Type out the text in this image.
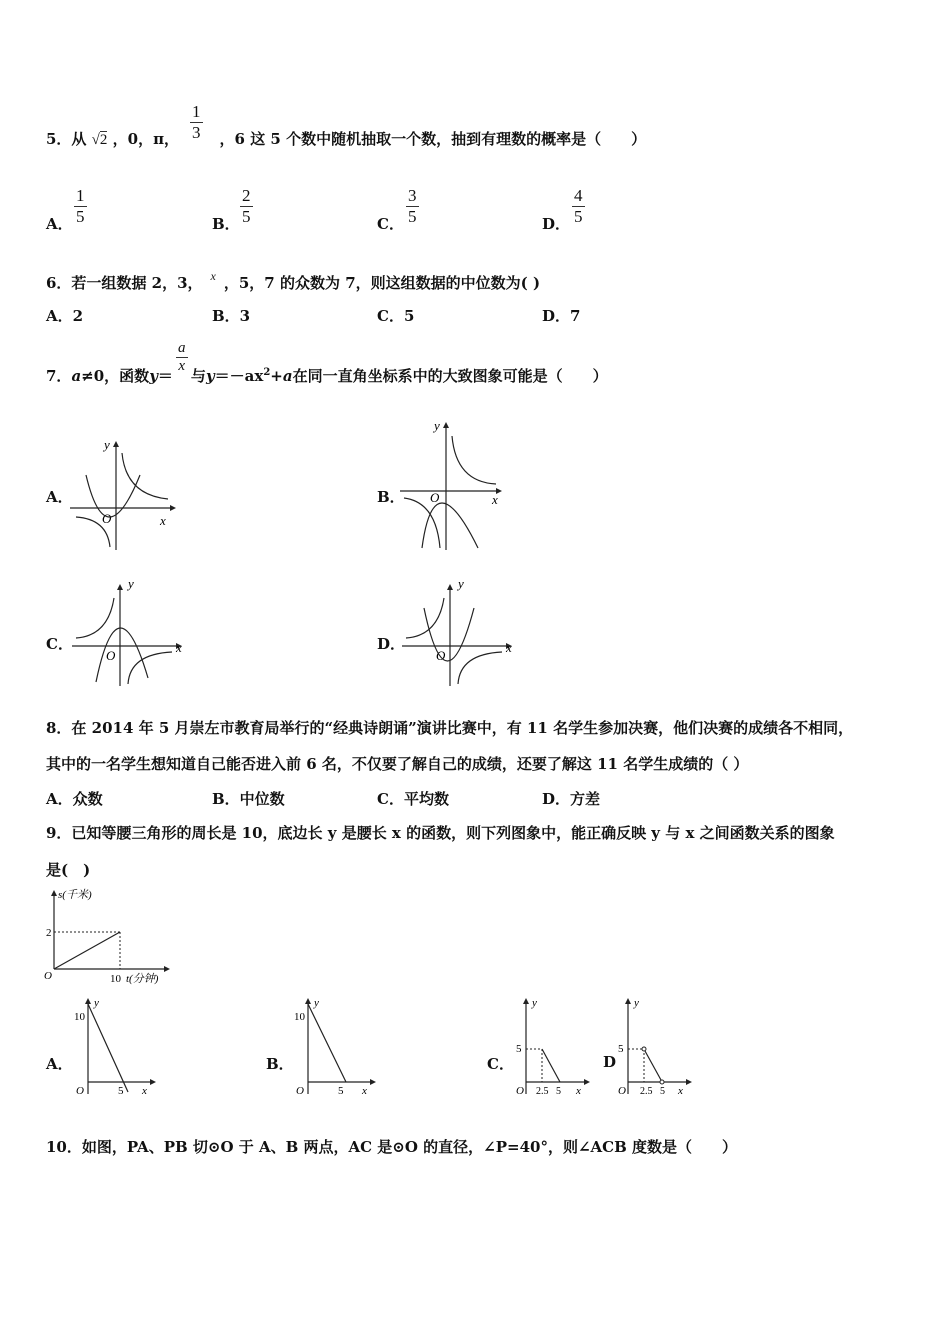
5．从 √2 ，0，π，	，6 这 5 个数中随机抽取一个数，抽到有理数的概率是（　　）
$\frac{1}{3}$
A． $\frac{1}{5}$	B． $\frac{2}{5}$	C． $\frac{3}{5}$	D． $\frac{4}{5}$
6．若一组数据 2，3， $^x$ ，5，7 的众数为 7，则这组数据的中位数为( )
A．2	B．3	C．5	D．7
7．a≠0，函数y＝ 与$y=-ax^2+a$在同一直角坐标系中的大致图象可能是（　　）
$\frac{a}{x}$
A．	B．
C．	D．
y
x
O
y
x
O
y
x
O
y
x
O
8．在 2014 年 5 月崇左市教育局举行的“经典诗朗诵”演讲比赛中，有 11 名学生参加决赛，他们决赛的成绩各不相同，
其中的一名学生想知道自己能否进入前 6 名，不仅要了解自己的成绩，还要了解这 11 名学生成绩的（ ）
A．众数	B．中位数	C．平均数	D．方差
9．已知等腰三角形的周长是 10，底边长 y 是腰长 x 的函数，则下列图象中，能正确反映 y 与 x 之间函数关系的图象
是(　)
s(千米)
2
O	10 t(分钟)
A．	B．	C．	D
y
10
O	5 x
y
10
O	5 x
y
5
O 2.5 5 x
y
5
O 2.5 5 x
10．如图，PA、PB 切⊙O 于 A、B 两点，AC 是⊙O 的直径，∠P=40°，则∠ACB 度数是（　　）
